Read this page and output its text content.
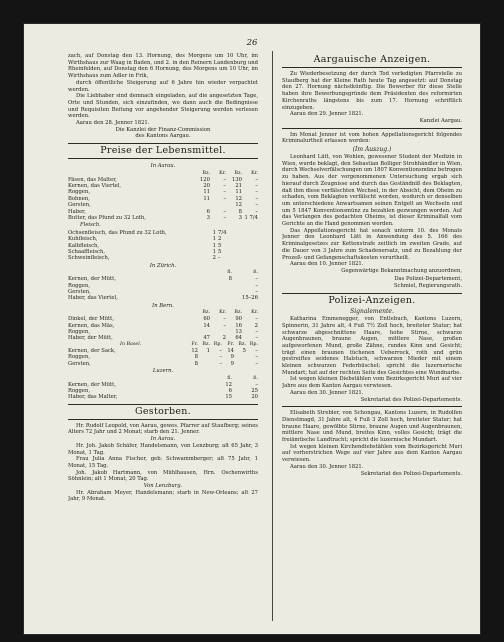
26

zach, auf Donstag den 13. Hornung, des Morgens um 10 Uhr, im Wirthshaus zur Waag in Baden, und 2. in den Reinern Landenburg und Rheinfelden, auf Donstag den 6 Hornung, des Morgens um 10 Uhr, im Wirthshaus zum Adler in Frik,

durch öffentliche Steigerung auf 6 Jahre hin wieder verpachtet werden.

Die Liebhaber sind demnach eingeladen, auf die angesetzten Tage, Orte und Stunden, sich einzufinden, wo dann auch die Bedingnisse und Requisiten Beitung vor angehender Steigerung werden verlesen werden.

Aarau den 28. Jenner 1821.

Die Kanzlei der Finanz-Commission

des Kantons Aargau.

Preise der Lebensmittel.
In Aarau.				
	Bz.	Kr.	Bz.	Kr.
Fäsen, das Malter,	120	–	130	–
Kernen, das Viertel,	20	–	21	–
Roggen,	11	–	11	–
Bohnen,	11	–	12	–
Gersten,			12	–
Haber,	6	–	8	–
Butter, das Pfund zu 32 Loth,	3	–	3	1 7/4
Fleisch.		
Ochsenfleisch, das Pfund zu 32 Loth,	1	7/4
Kuhfleisch,	1	2
Kalbfleisch,	1	5
Schaaffleisch,	1	5
Schweinfleisch,	2	–
In Zürich.		
	fl.	ß.
Kernen, der Mütt,	8	–
Roggen,		–
Gersten,		–
Haber, das Viertel,		15–26
In Bern.				
	Bz.	Kr.	Bz.	Kr.
Dinkel, der Mütt,	60	–	90	–
Kernen, das Mäs,	14	–	16	2
Roggen,			13	–
Haber, der Mütt,	47	2	64	–
In Basel.	Fr.	Bz.	Rp.	Fr.	Bz.	Rp.
Kernen, der Sack,	12	1	–	14	5	–
Roggen,	8		–	9		–
Gersten,	8		–	9		–
Luzern.		
	fl.	ß.
Kernen, der Mütt,	12	–
Roggen,	6	25
Haber, das Malter,	15	20
Gestorben.

Hr. Rudolf Leopold, von Aarau, gewes. Pfarrer auf Staufberg; seines Alters 72 Jahr und 2 Monat; starb den 21. Jenner.

In Aarau.

Hr. Joh. Jakob Schäfer, Handelsmann, von Lenzburg; alt 65 Jahr, 3 Monat, 1 Tag.

Frau Julia Anna Fischer, geb. Schwammberger; alt 75 Jahr, 1 Monat, 15 Tag.

Joh. Jakob Hartmann, von Mühlhausen, Hrn. Oschenwirths Söhnlein; alt 1 Monat, 20 Tag.

Von Lenzburg.

Hr. Abraham Meyer, Handelsmann; starb in New-Orleans; alt 27 Jahr, 9 Monat.

Aargauische Anzeigen.

Zu Wiederbesetzung der durch Tod verledigten Pfarrstelle zu Staufberg hat der Kleine Rath heute Tag angesetzt: auf Donstag den 27. Hornung nächstkünftig. Die Bewerber für diese Stelle haben ihre Bewerbungsgründe dem Präsidenten des reformirten Kirchenraths längstens bis zum 17. Hornung schriftlich einzugeben.

Aarau den 29. Jenner 1821.

Kanzlei Aargau.

Im Monat Jenner ist vom hohen Appellationsgericht folgendes Kriminalurtheil erlassen worden:

(Im Auszug.)

Leonhard Lätt, von Wohlen, gewesener Student der Medizin in Wien, wurde beklagt, den Sebastian Bolliger Strohhändler in Wien, durch Wechselverfälschungen um 1807 Konventionsmünz betrogen zu haben. Aus der vorgenommenen Untersuchung ergab sich hierauf durch Zeugnisse und durch das Geständniß des Beklagten, daß ihm diese verfälschten Wechsel, in der Absicht, dem Oheim zu schaden, vom Beklagten verfälscht worden, wodurch er denselben um unterschiedene Anwartsamen seinen Entgelt an Wechseln und um 5 1847 Konventionsmünz zu bezahlen gezwungen worden. Auf das Verlangen des gedachten Oheims, ist dieser Kriminalfall vom Gerichte an die Hand genommen worden.

Das Appellationsgericht hat sonach unterm 10. des Monats Jenner den Leonhard Lätt in Anwendung des 5. 166 des Kriminalgesetzes zur Kettenstrafe zeitlich im zweiten Grade, auf die Dauer von 3 Jahre zum Schadenersatz, und zu Bezahlung der Prozeß- und Gefangenschaftskosten verurtheilt.

Aarau den 10. Jenner 1821.

Gegenwärtige Bekanntmachung anzuordnen,

Das Polizei-Departement,

Schmiel, Regierungsrath.

Polizei-Anzeigen.
Signalemente.

Katharina Emmenegger, von Entlebuch, Kantons Luzern, Spinnerin, 31 Jahre alt, 4 Fuß 7½ Zoll hoch, breiteter Statur; hat schwarze abgeschnittene Haare, hohe Stirne, schwarze Augenbraunen, braune Augen, mittlere Nase, großen aufgeworfenen Mund, große Zähne, rundes Kinn und Gesicht; trägt einen braunen tüchenen Ueberrock, roth und grün gestreiftes seidenes Halstuch, schwarzen Mieder mit einem kleinen schwarzen Federbüschel; spricht die luzernerische Mundart; hat auf der rechten Seite des Gesichtes eine Wundnarbe.

Ist wegen kleinen Diebstählen vom Bezirksgericht Muri auf vier Jahre aus dem Kanton Aargau verwiesen.

Aarau den 30. Jenner 1821.

Sekretariat des Polizei-Departements.

Elisabeth Strebler, von Schongau, Kantons Luzern, in Rudolfen Dienstmagd, 31 Jahre alt, 4 Fuß 3 Zoll hoch, breiteter Statur; hat braune Haare, gewölbte Stirne, braune Augen und Augenbraunen, mittlere Nase und Mund, breites Kinn, volles Gesicht; trägt die freiämtische Landtracht; spricht die luzernische Mundart.

Ist wegen kleinen Kirchendiebstählen vom Bezirksgericht Muri auf vorherstrichen Wege auf vier Jahre aus dem Kanton Aargau verwiesen.

Aarau den 30. Jenner 1821.

Sekretariat des Polizei-Departements.
